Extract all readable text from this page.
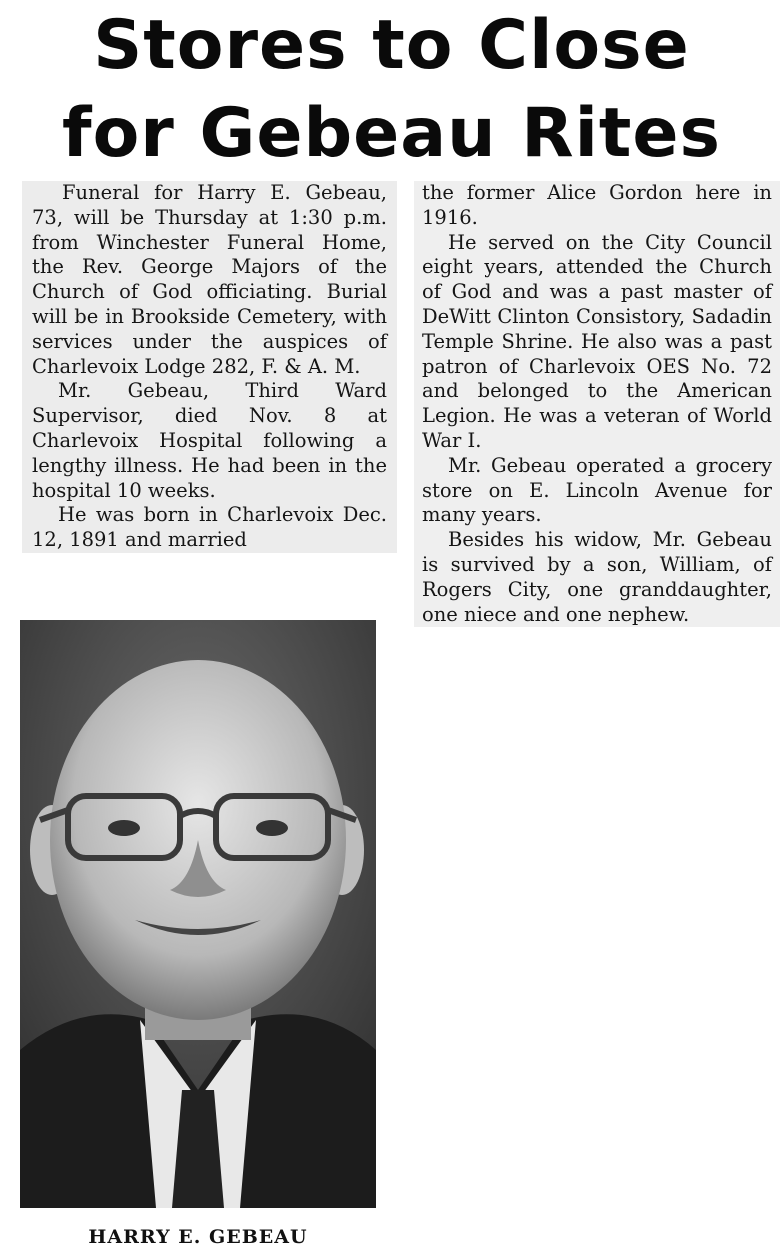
Stores to Close
for Gebeau Rites

Funeral for Harry E. Gebeau, 73, will be Thursday at 1:30 p.m. from Winchester Funeral Home, the Rev. George Majors of the Church of God officiating. Burial will be in Brookside Cemetery, with services under the auspices of Charlevoix Lodge 282, F. & A. M.

Mr. Gebeau, Third Ward Supervisor, died Nov. 8 at Charlevoix Hospital following a lengthy illness. He had been in the hospital 10 weeks.

He was born in Charlevoix Dec. 12, 1891 and married

the former Alice Gordon here in 1916.

He served on the City Council eight years, attended the Church of God and was a past master of DeWitt Clinton Consistory, Sadadin Temple Shrine. He also was a past patron of Charlevoix OES No. 72 and belonged to the American Legion. He was a veteran of World War I.

Mr. Gebeau operated a grocery store on E. Lincoln Avenue for many years.

Besides his widow, Mr. Gebeau is survived by a son, William, of Rogers City, one granddaughter, one niece and one nephew.

HARRY E. GEBEAU
